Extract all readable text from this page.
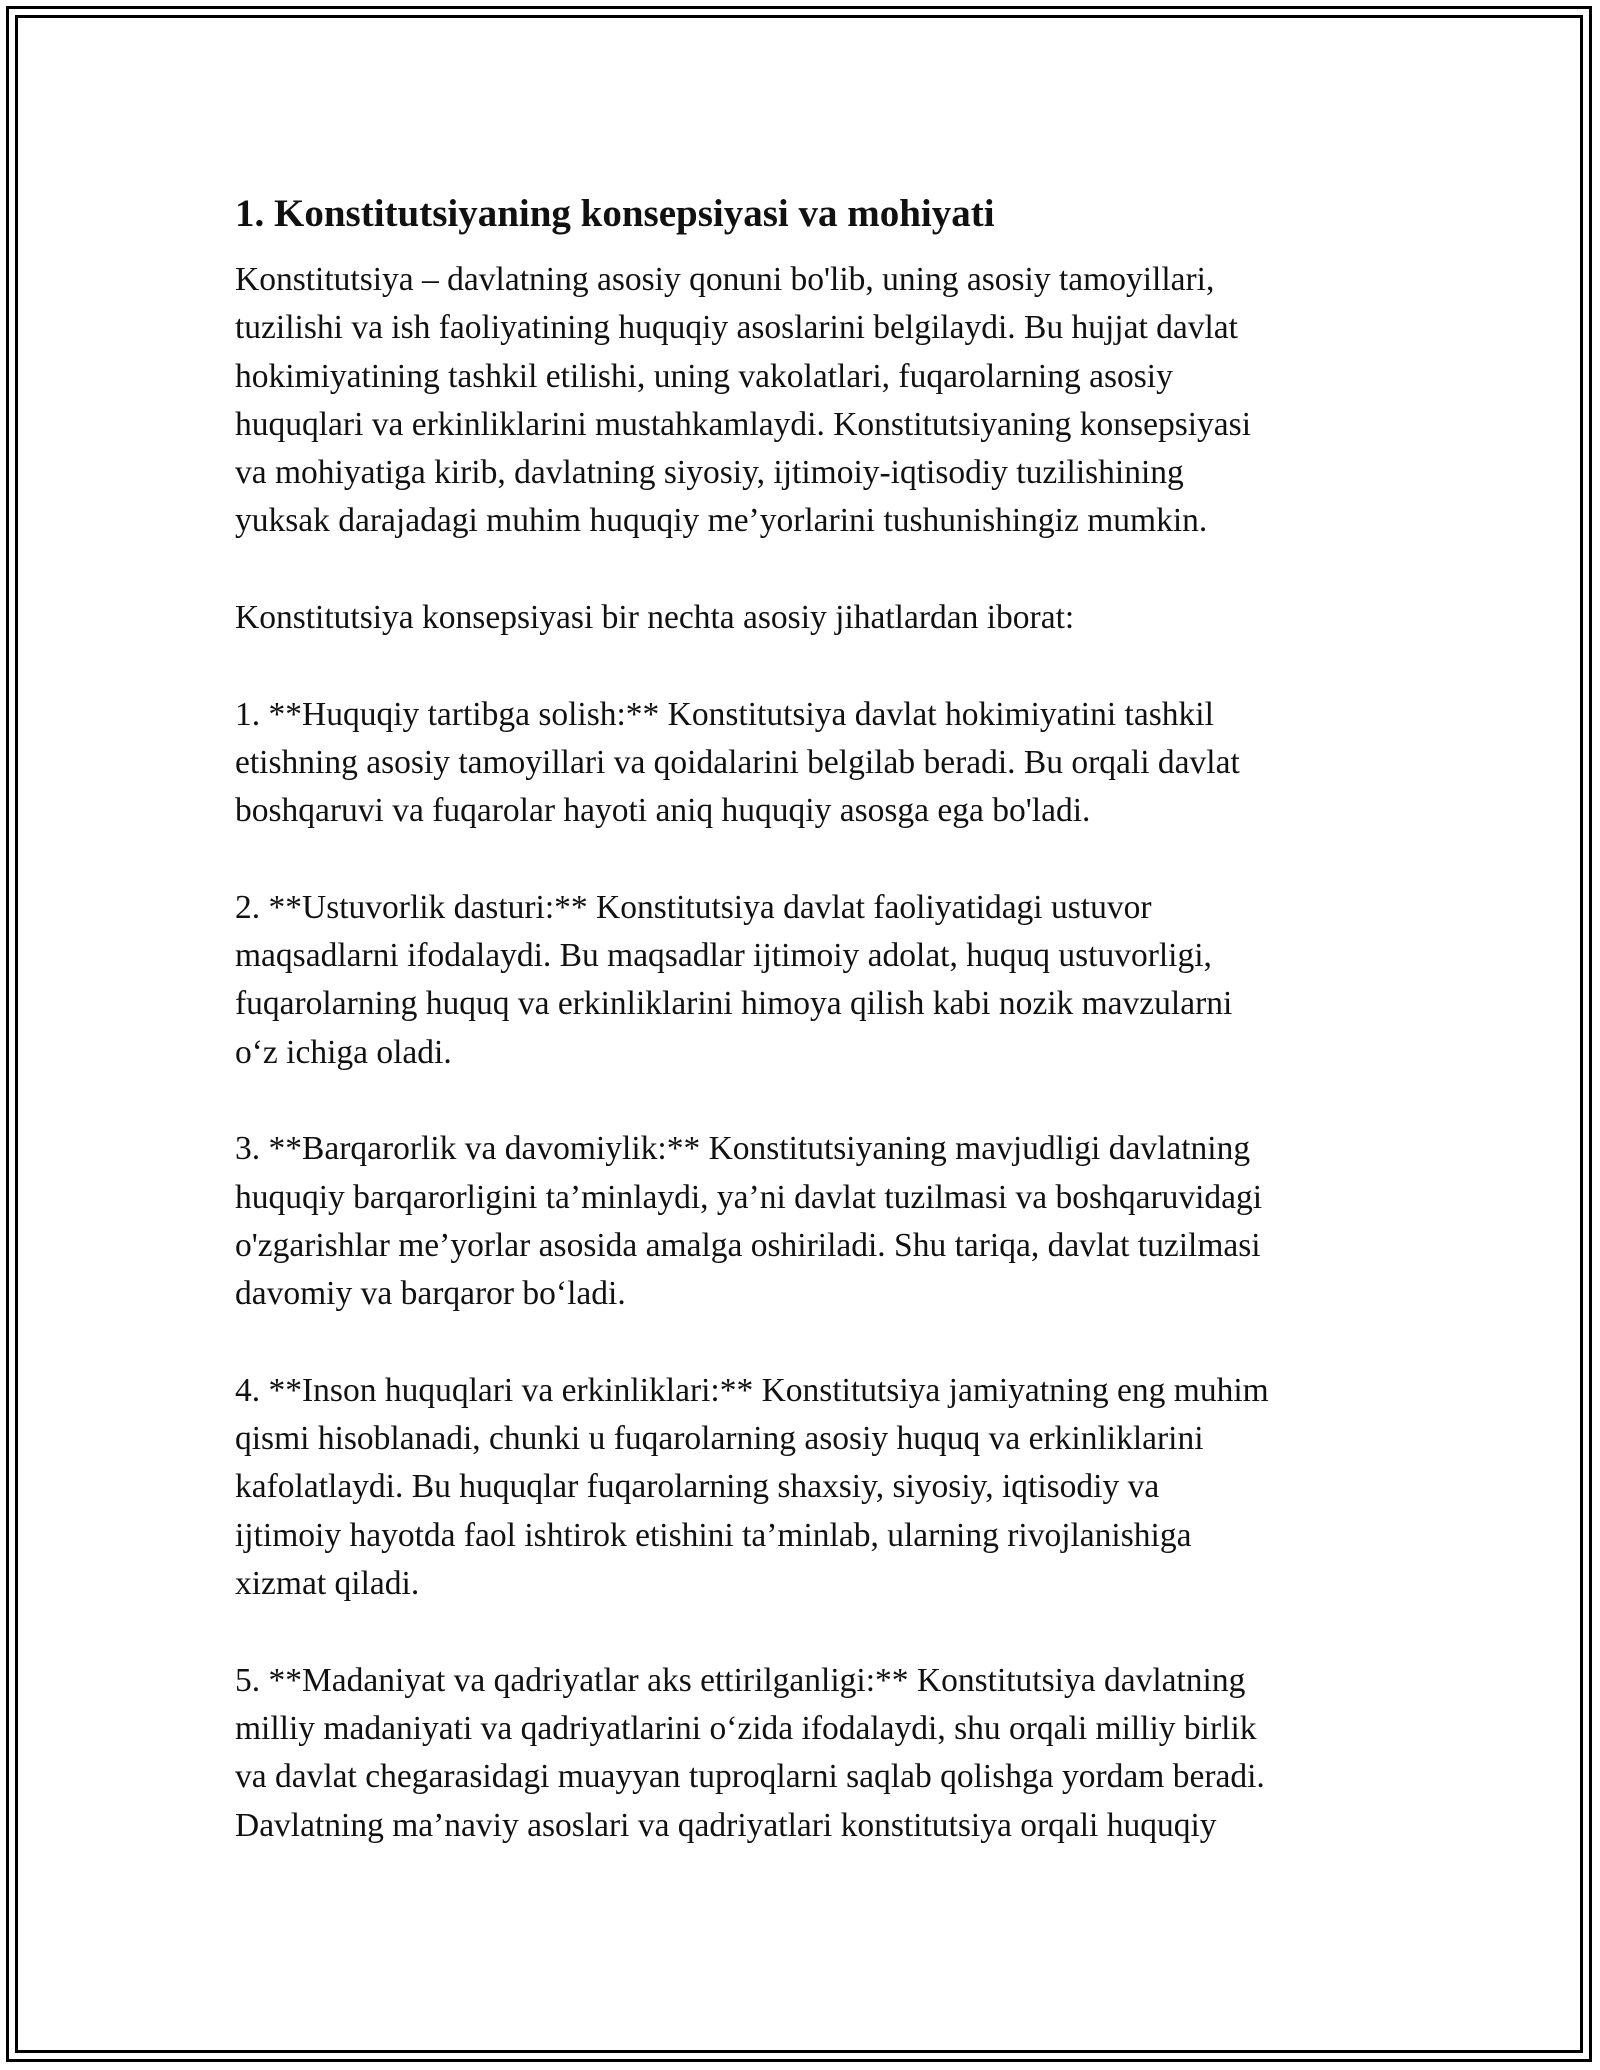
1. Konstitutsiyaning konsepsiyasi va mohiyati
Konstitutsiya – davlatning asosiy qonuni bo'lib, uning asosiy tamoyillari,
tuzilishi va ish faoliyatining huquqiy asoslarini belgilaydi. Bu hujjat davlat
hokimiyatining tashkil etilishi, uning vakolatlari, fuqarolarning asosiy
huquqlari va erkinliklarini mustahkamlaydi. Konstitutsiyaning konsepsiyasi
va mohiyatiga kirib, davlatning siyosiy, ijtimoiy-iqtisodiy tuzilishining
yuksak darajadagi muhim huquqiy me’yorlarini tushunishingiz mumkin.
Konstitutsiya konsepsiyasi bir nechta asosiy jihatlardan iborat:
1. **Huquqiy tartibga solish:** Konstitutsiya davlat hokimiyatini tashkil
etishning asosiy tamoyillari va qoidalarini belgilab beradi. Bu orqali davlat
boshqaruvi va fuqarolar hayoti aniq huquqiy asosga ega bo'ladi.
2. **Ustuvorlik dasturi:** Konstitutsiya davlat faoliyatidagi ustuvor
maqsadlarni ifodalaydi. Bu maqsadlar ijtimoiy adolat, huquq ustuvorligi,
fuqarolarning huquq va erkinliklarini himoya qilish kabi nozik mavzularni
o‘z ichiga oladi.
3. **Barqarorlik va davomiylik:** Konstitutsiyaning mavjudligi davlatning
huquqiy barqarorligini ta’minlaydi, ya’ni davlat tuzilmasi va boshqaruvidagi
o'zgarishlar me’yorlar asosida amalga oshiriladi. Shu tariqa, davlat tuzilmasi
davomiy va barqaror bo‘ladi.
4. **Inson huquqlari va erkinliklari:** Konstitutsiya jamiyatning eng muhim
qismi hisoblanadi, chunki u fuqarolarning asosiy huquq va erkinliklarini
kafolatlaydi. Bu huquqlar fuqarolarning shaxsiy, siyosiy, iqtisodiy va
ijtimoiy hayotda faol ishtirok etishini ta’minlab, ularning rivojlanishiga
xizmat qiladi.
5. **Madaniyat va qadriyatlar aks ettirilganligi:** Konstitutsiya davlatning
milliy madaniyati va qadriyatlarini o‘zida ifodalaydi, shu orqali milliy birlik
va davlat chegarasidagi muayyan tuproqlarni saqlab qolishga yordam beradi.
Davlatning ma’naviy asoslari va qadriyatlari konstitutsiya orqali huquqiy
